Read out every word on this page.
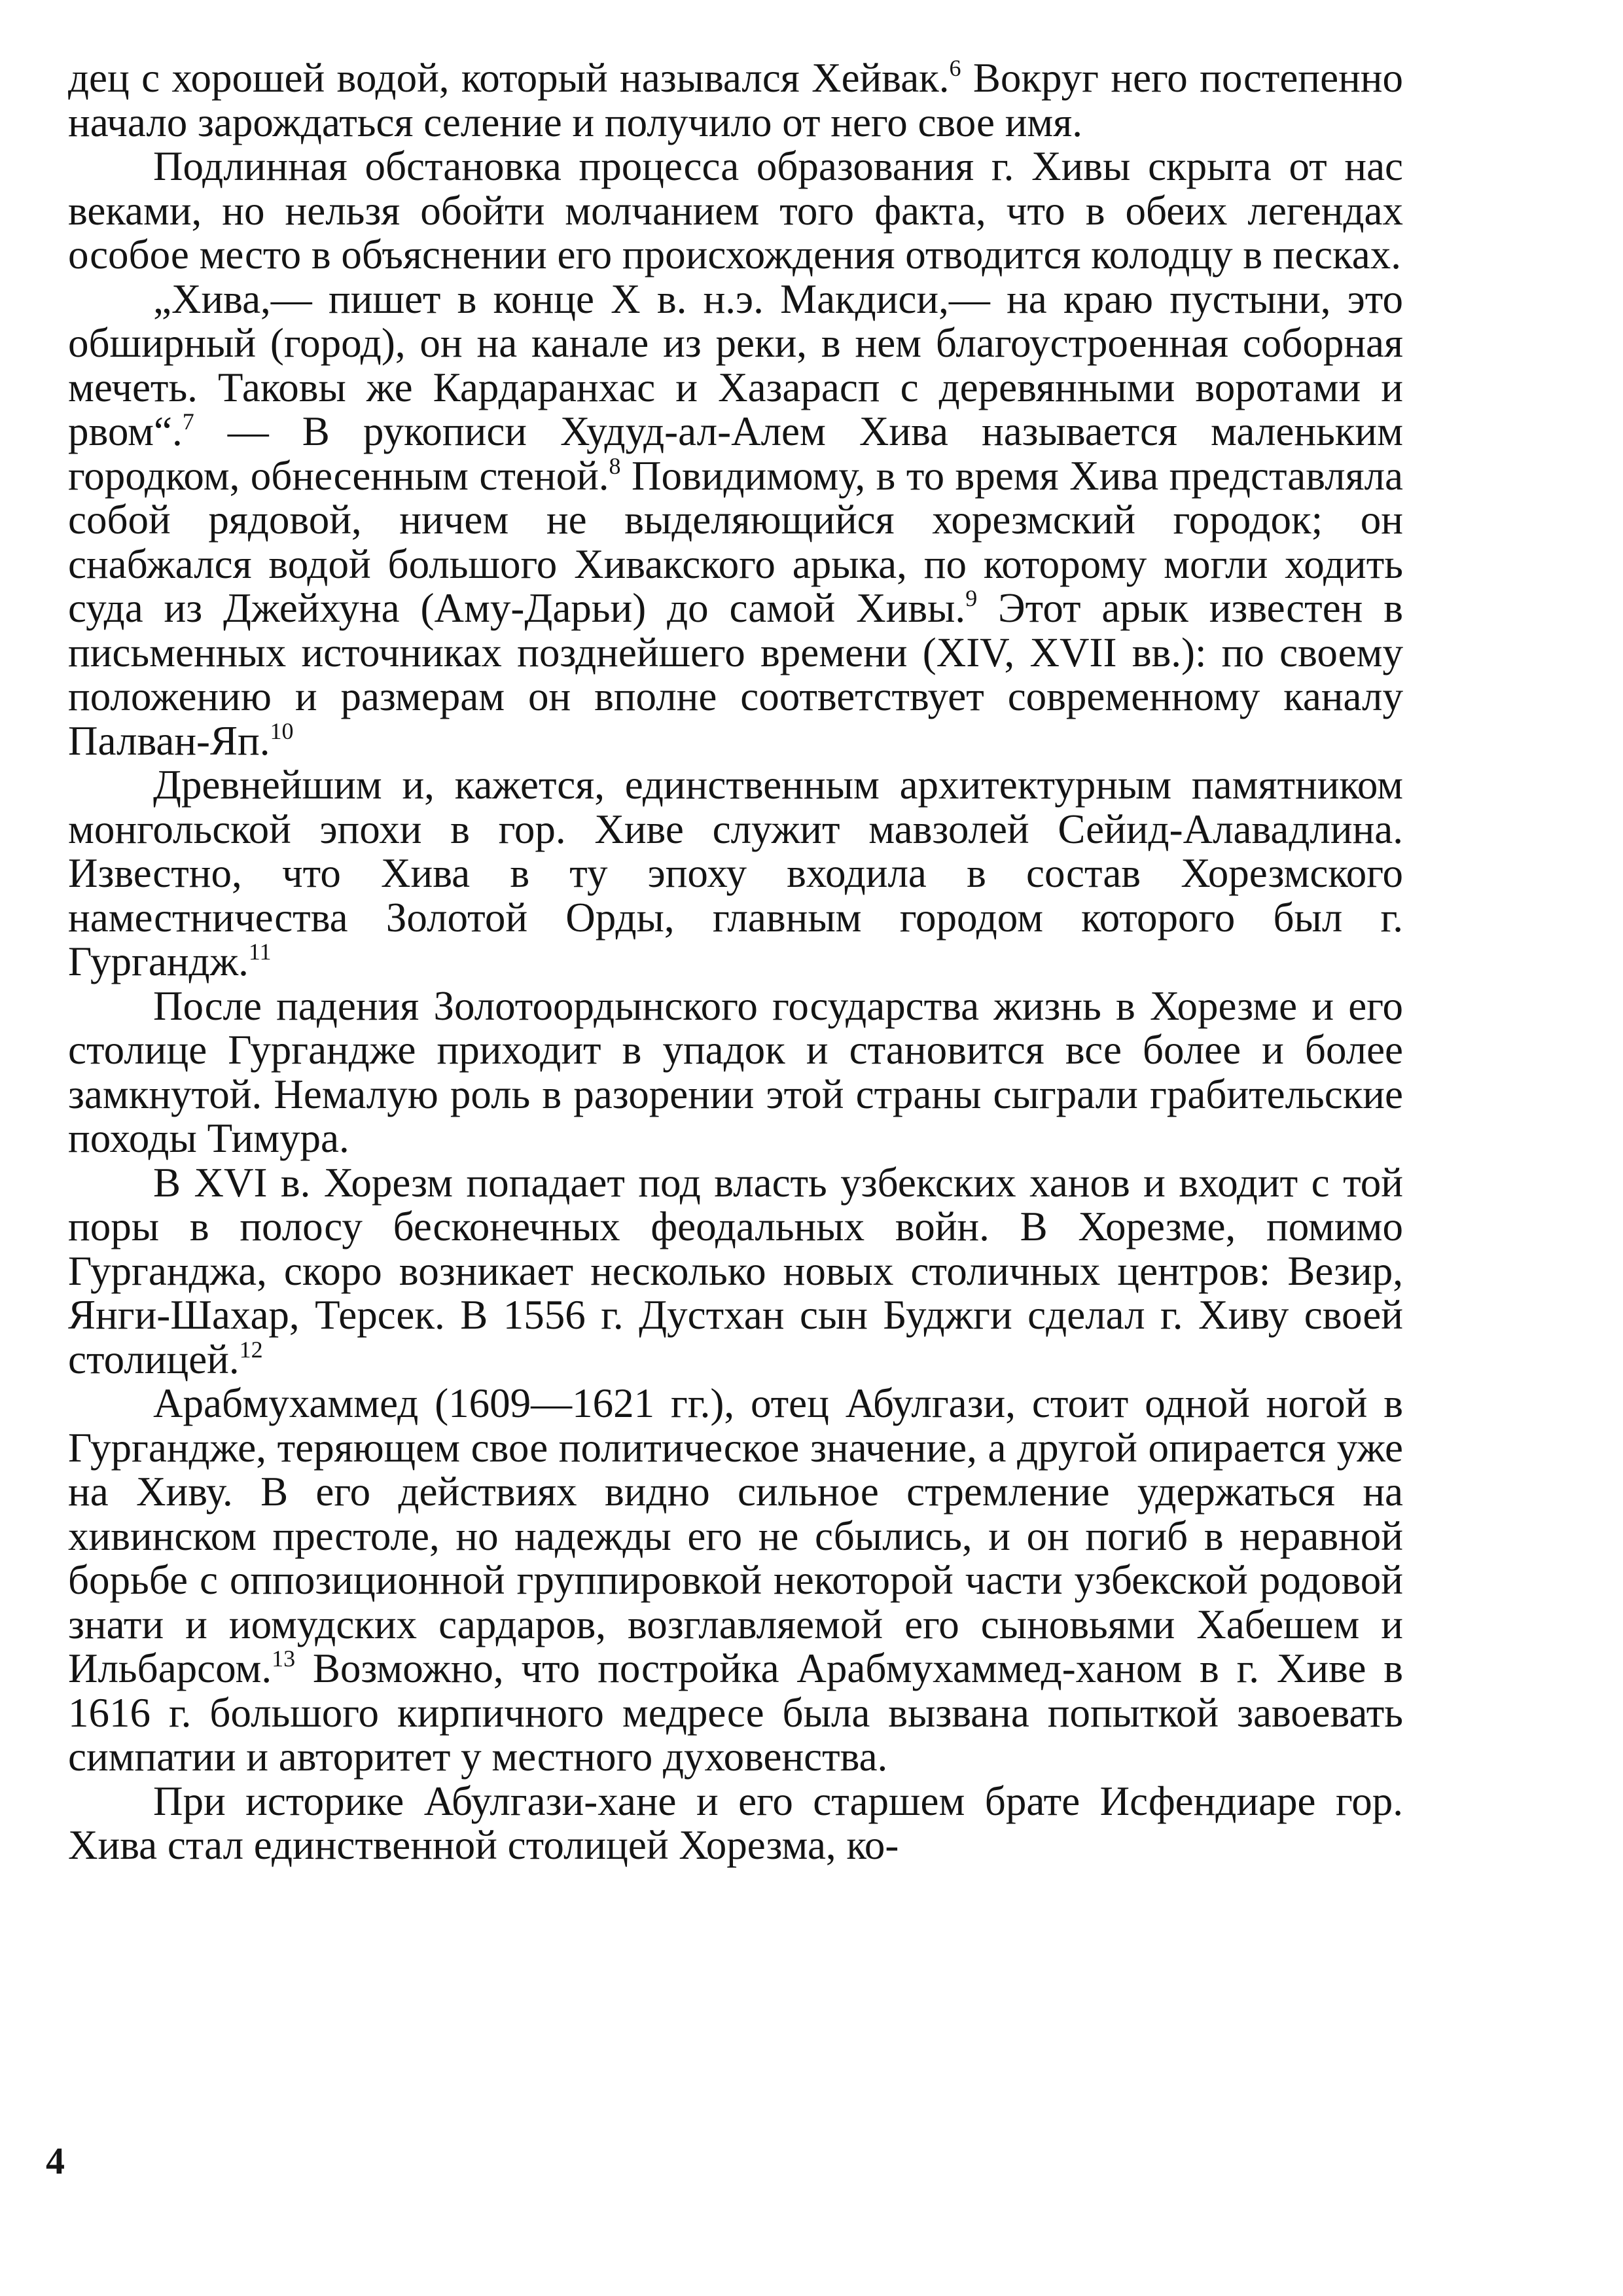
дец с хорошей водой, который назывался Хейвак.$^6$ Вокруг него постепенно начало зарождаться селение и получило от него свое имя.

Подлинная обстановка процесса образования г. Хивы скрыта от нас веками, но нельзя обойти молчанием того факта, что в обеих легендах особое место в объяснении его происхождения отводится колодцу в песках.

„Хива,— пишет в конце X в. н.э. Макдиси,— на краю пустыни, это обширный (город), он на канале из реки, в нем благоустроенная соборная мечеть. Таковы же Кардаранхас и Хазарасп с деревянными воротами и рвом“.$^7$ — В рукописи Худуд-ал-Алем Хива называется маленьким городком, обнесенным стеной.$^8$ Повидимому, в то время Хива представляла собой рядовой, ничем не выделяющийся хорезмский городок; он снабжался водой большого Хивакского арыка, по которому могли ходить суда из Джейхуна (Аму-Дарьи) до самой Хивы.$^9$ Этот арык известен в письменных источниках позднейшего времени (XIV, XVII вв.): по своему положению и размерам он вполне соответствует современному каналу Палван-Яп.$^{10}$

Древнейшим и, кажется, единственным архитектурным памятником монгольской эпохи в гор. Хиве служит мавзолей Сейид-Алавадлина. Известно, что Хива в ту эпоху входила в состав Хорезмского наместничества Золотой Орды, главным городом которого был г. Гургандж.$^{11}$

После падения Золотоордынского государства жизнь в Хорезме и его столице Гургандже приходит в упадок и становится все более и более замкнутой. Немалую роль в разорении этой страны сыграли грабительские походы Тимура.

В XVI в. Хорезм попадает под власть узбекских ханов и входит с той поры в полосу бесконечных феодальных войн. В Хорезме, помимо Гурганджа, скоро возникает несколько новых столичных центров: Везир, Янги-Шахар, Терсек. В 1556 г. Дустхан сын Буджги сделал г. Хиву своей столицей.$^{12}$

Арабмухаммед (1609—1621 гг.), отец Абулгази, стоит одной ногой в Гургандже, теряющем свое политическое значение, а другой опирается уже на Хиву. В его действиях видно сильное стремление удержаться на хивинском престоле, но надежды его не сбылись, и он погиб в неравной борьбе с оппозиционной группировкой некоторой части узбекской родовой знати и иомудских сардаров, возглавляемой его сыновьями Хабешем и Ильбарсом.$^{13}$ Возможно, что постройка Арабмухаммед-ханом в г. Хиве в 1616 г. большого кирпичного медресе была вызвана попыткой завоевать симпатии и авторитет у местного духовенства.

При историке Абулгази-хане и его старшем брате Исфендиаре гор. Хива стал единственной столицей Хорезма, ко-

4
